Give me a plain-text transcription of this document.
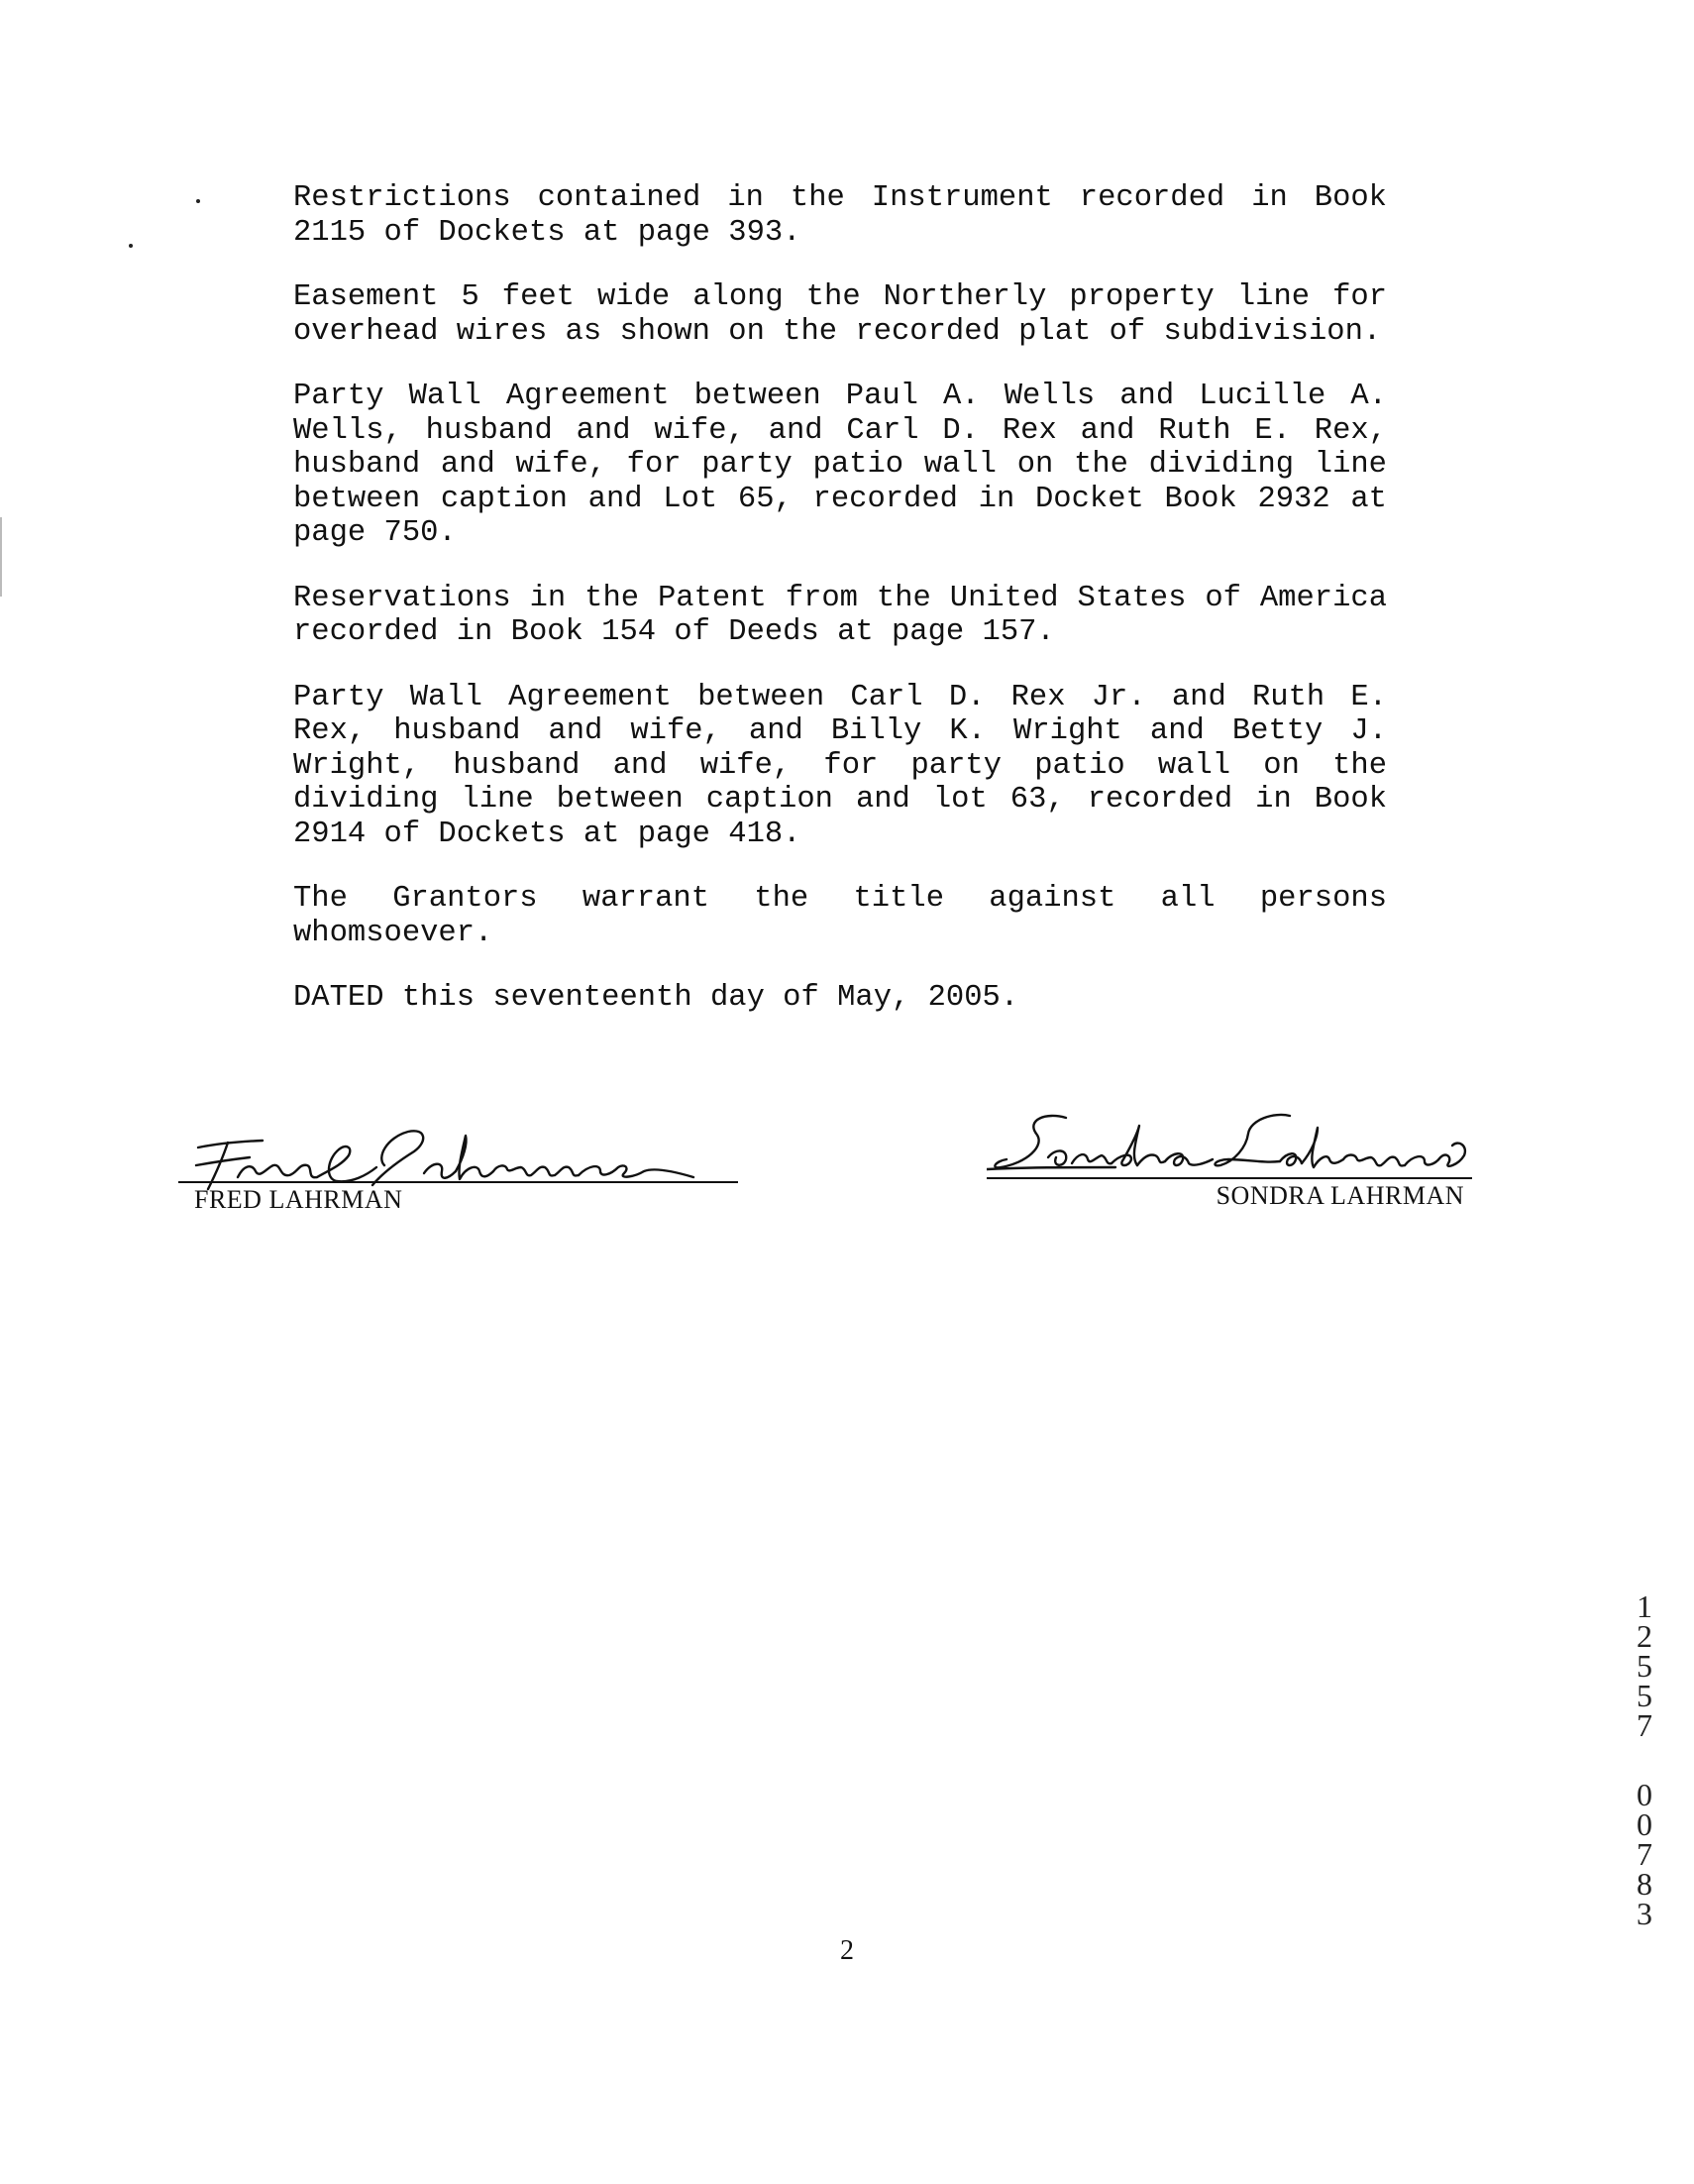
Restrictions contained in the Instrument recorded in Book 2115 of Dockets at page 393.

Easement 5 feet wide along the Northerly property line for overhead wires as shown on the recorded plat of subdivision.

Party Wall Agreement between Paul A. Wells and Lucille A. Wells, husband and wife, and Carl D. Rex and Ruth E. Rex, husband and wife, for party patio wall on the dividing line between caption and Lot 65, recorded in Docket Book 2932 at page 750.

Reservations in the Patent from the United States of America recorded in Book 154 of Deeds at page 157.

Party Wall Agreement between Carl D. Rex Jr. and Ruth E. Rex, husband and wife, and Billy K. Wright and Betty J. Wright, husband and wife, for party patio wall on the dividing line between caption and lot 63, recorded in Book 2914 of Dockets at page 418.

The Grantors warrant the title against all persons whomsoever.

DATED this seventeenth day of May, 2005.

FRED LAHRMAN	SONDRA LAHRMAN
1
2
5
5
7
0
0
7
8
3
2
